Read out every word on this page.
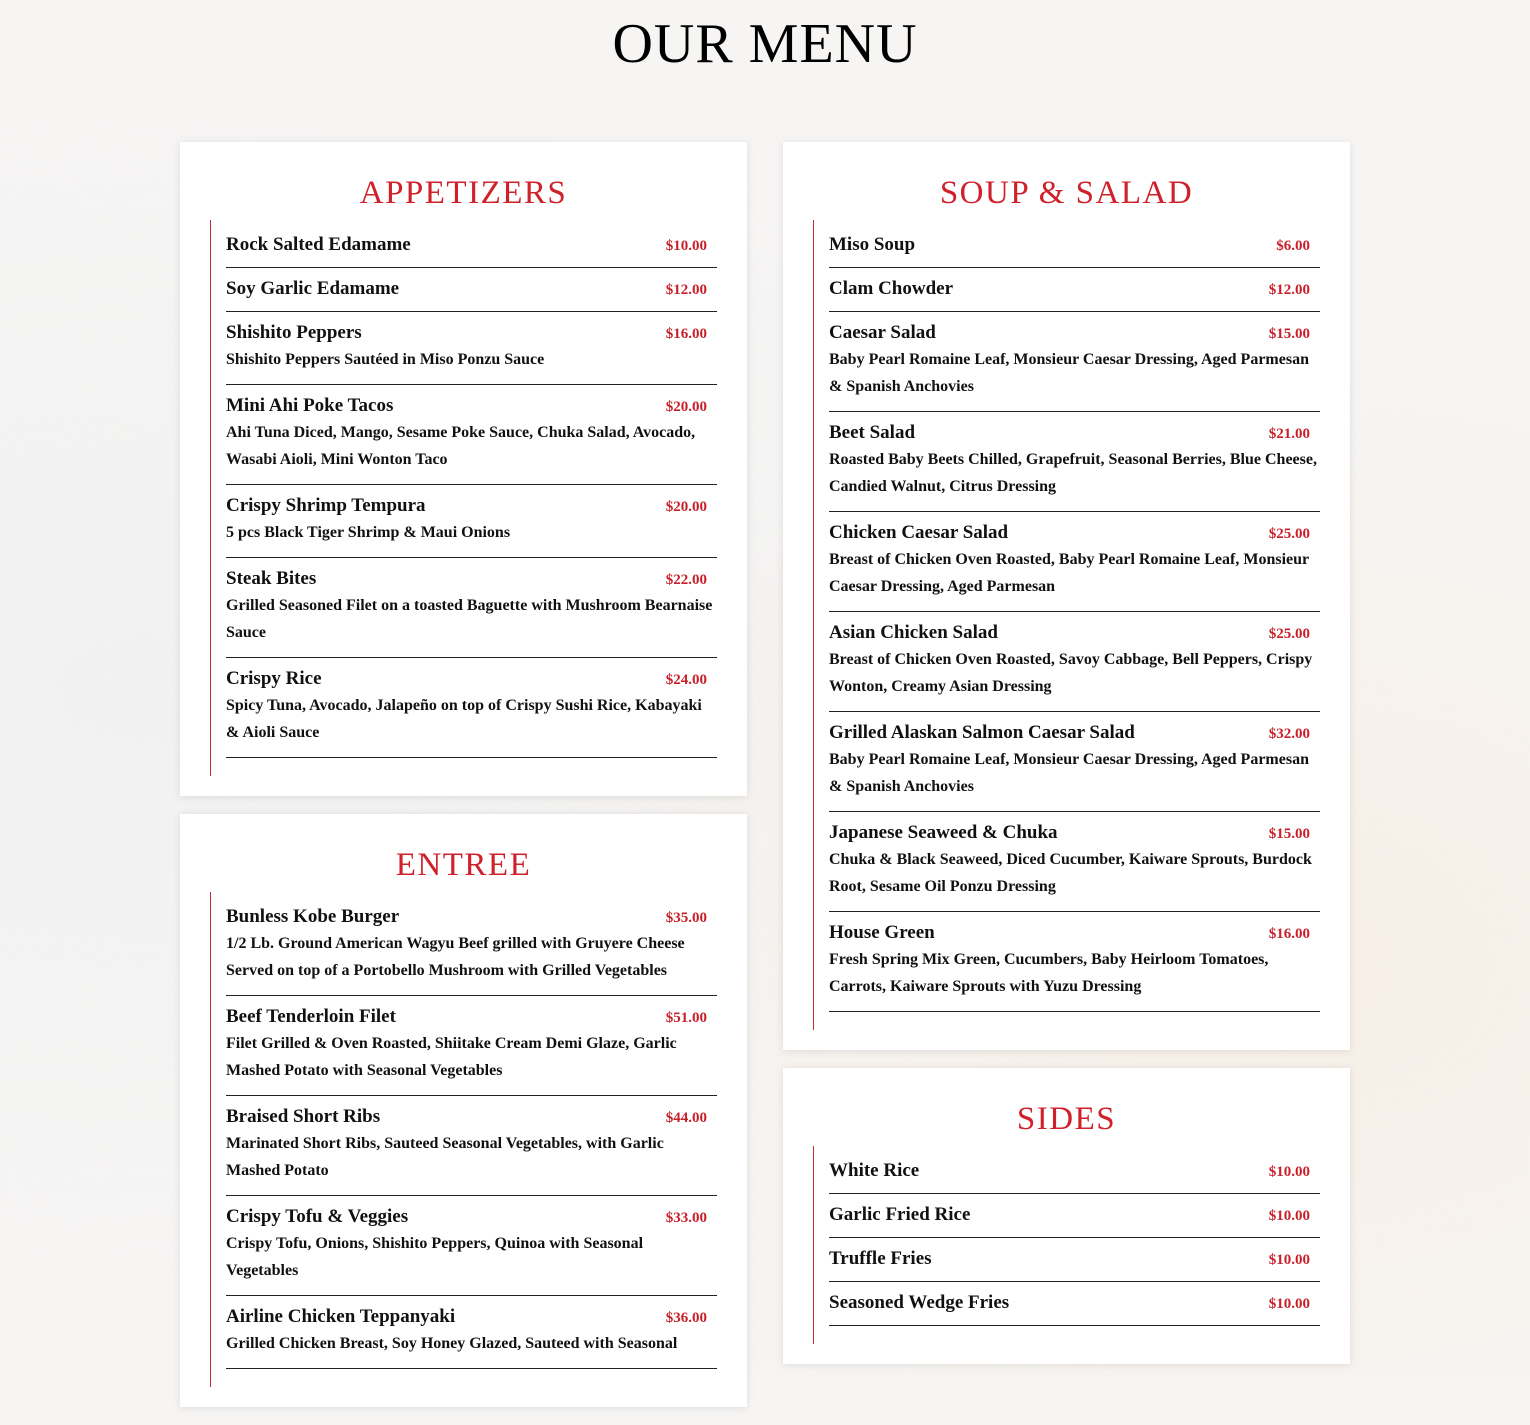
OUR MENU
APPETIZERS
Rock Salted Edamame	$10.00
Soy Garlic Edamame	$12.00
Shishito Peppers	$16.00
Shishito Peppers Sautéed in Miso Ponzu Sauce
Mini Ahi Poke Tacos	$20.00
Ahi Tuna Diced, Mango, Sesame Poke Sauce, Chuka Salad, Avocado, Wasabi Aioli, Mini Wonton Taco
Crispy Shrimp Tempura	$20.00
5 pcs Black Tiger Shrimp & Maui Onions
Steak Bites	$22.00
Grilled Seasoned Filet on a toasted Baguette with Mushroom Bearnaise Sauce
Crispy Rice	$24.00
Spicy Tuna, Avocado, Jalapeño on top of Crispy Sushi Rice, Kabayaki & Aioli Sauce
ENTREE
Bunless Kobe Burger	$35.00
1/2 Lb. Ground American Wagyu Beef grilled with Gruyere Cheese Served on top of a Portobello Mushroom with Grilled Vegetables
Beef Tenderloin Filet	$51.00
Filet Grilled & Oven Roasted, Shiitake Cream Demi Glaze, Garlic Mashed Potato with Seasonal Vegetables
Braised Short Ribs	$44.00
Marinated Short Ribs, Sauteed Seasonal Vegetables, with Garlic Mashed Potato
Crispy Tofu & Veggies	$33.00
Crispy Tofu, Onions, Shishito Peppers, Quinoa with Seasonal Vegetables
Airline Chicken Teppanyaki	$36.00
Grilled Chicken Breast, Soy Honey Glazed, Sauteed with Seasonal
SOUP & SALAD
Miso Soup	$6.00
Clam Chowder	$12.00
Caesar Salad	$15.00
Baby Pearl Romaine Leaf, Monsieur Caesar Dressing, Aged Parmesan & Spanish Anchovies
Beet Salad	$21.00
Roasted Baby Beets Chilled, Grapefruit, Seasonal Berries, Blue Cheese, Candied Walnut, Citrus Dressing
Chicken Caesar Salad	$25.00
Breast of Chicken Oven Roasted, Baby Pearl Romaine Leaf, Monsieur Caesar Dressing, Aged Parmesan
Asian Chicken Salad	$25.00
Breast of Chicken Oven Roasted, Savoy Cabbage, Bell Peppers, Crispy Wonton, Creamy Asian Dressing
Grilled Alaskan Salmon Caesar Salad	$32.00
Baby Pearl Romaine Leaf, Monsieur Caesar Dressing, Aged Parmesan & Spanish Anchovies
Japanese Seaweed & Chuka	$15.00
Chuka & Black Seaweed, Diced Cucumber, Kaiware Sprouts, Burdock Root, Sesame Oil Ponzu Dressing
House Green	$16.00
Fresh Spring Mix Green, Cucumbers, Baby Heirloom Tomatoes, Carrots, Kaiware Sprouts with Yuzu Dressing
SIDES
White Rice	$10.00
Garlic Fried Rice	$10.00
Truffle Fries	$10.00
Seasoned Wedge Fries	$10.00
